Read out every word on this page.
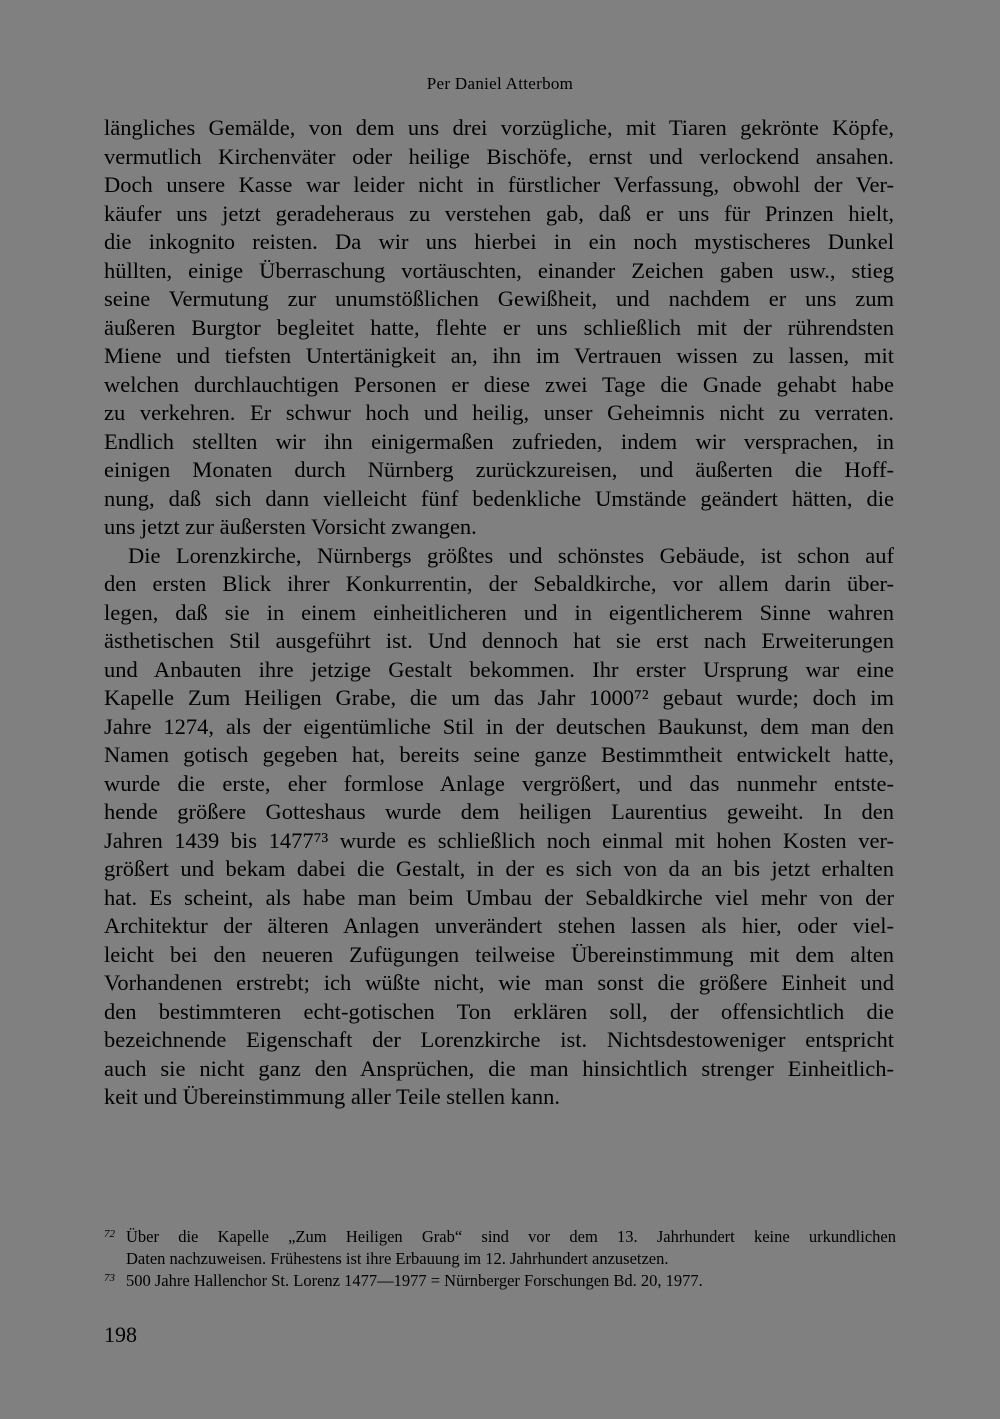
Per Daniel Atterbom
längliches Gemälde, von dem uns drei vorzügliche, mit Tiaren gekrönte Köpfe,
vermutlich Kirchenväter oder heilige Bischöfe, ernst und verlockend ansahen.
Doch unsere Kasse war leider nicht in fürstlicher Verfassung, obwohl der Ver-
käufer uns jetzt geradeheraus zu verstehen gab, daß er uns für Prinzen hielt,
die inkognito reisten. Da wir uns hierbei in ein noch mystischeres Dunkel
hüllten, einige Überraschung vortäuschten, einander Zeichen gaben usw., stieg
seine Vermutung zur unumstößlichen Gewißheit, und nachdem er uns zum
äußeren Burgtor begleitet hatte, flehte er uns schließlich mit der rührendsten
Miene und tiefsten Untertänigkeit an, ihn im Vertrauen wissen zu lassen, mit
welchen durchlauchtigen Personen er diese zwei Tage die Gnade gehabt habe
zu verkehren. Er schwur hoch und heilig, unser Geheimnis nicht zu verraten.
Endlich stellten wir ihn einigermaßen zufrieden, indem wir versprachen, in
einigen Monaten durch Nürnberg zurückzureisen, und äußerten die Hoff-
nung, daß sich dann vielleicht fünf bedenkliche Umstände geändert hätten, die
uns jetzt zur äußersten Vorsicht zwangen.
Die Lorenzkirche, Nürnbergs größtes und schönstes Gebäude, ist schon auf
den ersten Blick ihrer Konkurrentin, der Sebaldkirche, vor allem darin über-
legen, daß sie in einem einheitlicheren und in eigentlicherem Sinne wahren
ästhetischen Stil ausgeführt ist. Und dennoch hat sie erst nach Erweiterungen
und Anbauten ihre jetzige Gestalt bekommen. Ihr erster Ursprung war eine
Kapelle Zum Heiligen Grabe, die um das Jahr 1000⁷² gebaut wurde; doch im
Jahre 1274, als der eigentümliche Stil in der deutschen Baukunst, dem man den
Namen gotisch gegeben hat, bereits seine ganze Bestimmtheit entwickelt hatte,
wurde die erste, eher formlose Anlage vergrößert, und das nunmehr entste-
hende größere Gotteshaus wurde dem heiligen Laurentius geweiht. In den
Jahren 1439 bis 1477⁷³ wurde es schließlich noch einmal mit hohen Kosten ver-
größert und bekam dabei die Gestalt, in der es sich von da an bis jetzt erhalten
hat. Es scheint, als habe man beim Umbau der Sebaldkirche viel mehr von der
Architektur der älteren Anlagen unverändert stehen lassen als hier, oder viel-
leicht bei den neueren Zufügungen teilweise Übereinstimmung mit dem alten
Vorhandenen erstrebt; ich wüßte nicht, wie man sonst die größere Einheit und
den bestimmteren echt-gotischen Ton erklären soll, der offensichtlich die
bezeichnende Eigenschaft der Lorenzkirche ist. Nichtsdestoweniger entspricht
auch sie nicht ganz den Ansprüchen, die man hinsichtlich strenger Einheitlich-
keit und Übereinstimmung aller Teile stellen kann.
72 Über die Kapelle „Zum Heiligen Grab“ sind vor dem 13. Jahrhundert keine urkundlichen
Daten nachzuweisen. Frühestens ist ihre Erbauung im 12. Jahrhundert anzusetzen.
73 500 Jahre Hallenchor St. Lorenz 1477—1977 = Nürnberger Forschungen Bd. 20, 1977.
198
